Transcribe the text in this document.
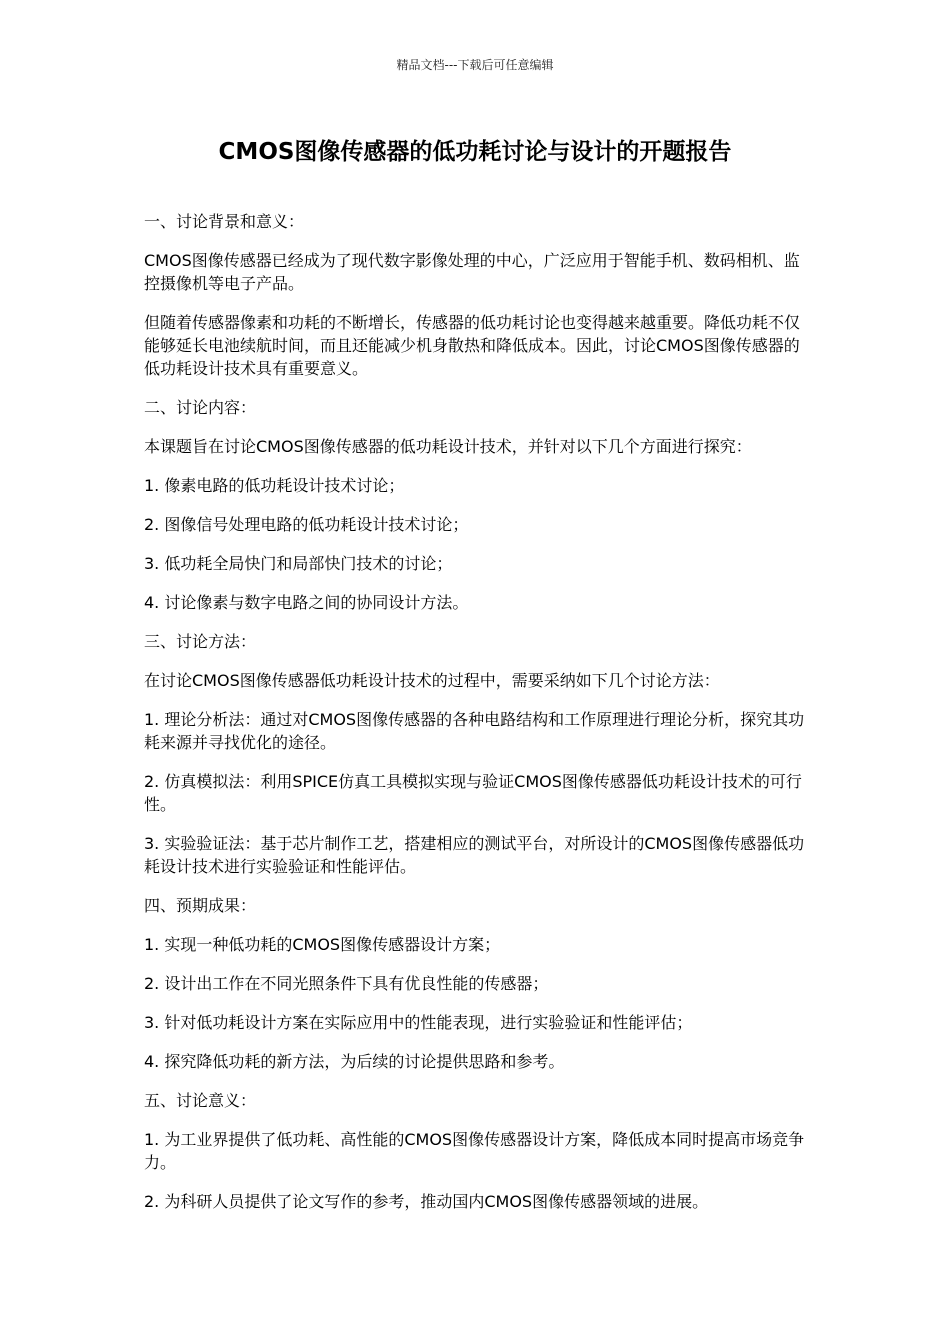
精品文档---下载后可任意编辑
CMOS图像传感器的低功耗讨论与设计的开题报告

一、讨论背景和意义：

CMOS图像传感器已经成为了现代数字影像处理的中心，广泛应用于智能手机、数码相机、监控摄像机等电子产品。

但随着传感器像素和功耗的不断增长，传感器的低功耗讨论也变得越来越重要。降低功耗不仅能够延长电池续航时间，而且还能减少机身散热和降低成本。因此，讨论CMOS图像传感器的低功耗设计技术具有重要意义。

二、讨论内容：

本课题旨在讨论CMOS图像传感器的低功耗设计技术，并针对以下几个方面进行探究：

1. 像素电路的低功耗设计技术讨论；

2. 图像信号处理电路的低功耗设计技术讨论；

3. 低功耗全局快门和局部快门技术的讨论；

4. 讨论像素与数字电路之间的协同设计方法。

三、讨论方法：

在讨论CMOS图像传感器低功耗设计技术的过程中，需要采纳如下几个讨论方法：

1. 理论分析法：通过对CMOS图像传感器的各种电路结构和工作原理进行理论分析，探究其功耗来源并寻找优化的途径。

2. 仿真模拟法：利用SPICE仿真工具模拟实现与验证CMOS图像传感器低功耗设计技术的可行性。

3. 实验验证法：基于芯片制作工艺，搭建相应的测试平台，对所设计的CMOS图像传感器低功耗设计技术进行实验验证和性能评估。

四、预期成果：

1. 实现一种低功耗的CMOS图像传感器设计方案；

2. 设计出工作在不同光照条件下具有优良性能的传感器；

3. 针对低功耗设计方案在实际应用中的性能表现，进行实验验证和性能评估；

4. 探究降低功耗的新方法，为后续的讨论提供思路和参考。

五、讨论意义：

1. 为工业界提供了低功耗、高性能的CMOS图像传感器设计方案，降低成本同时提高市场竞争力。

2. 为科研人员提供了论文写作的参考，推动国内CMOS图像传感器领域的进展。
